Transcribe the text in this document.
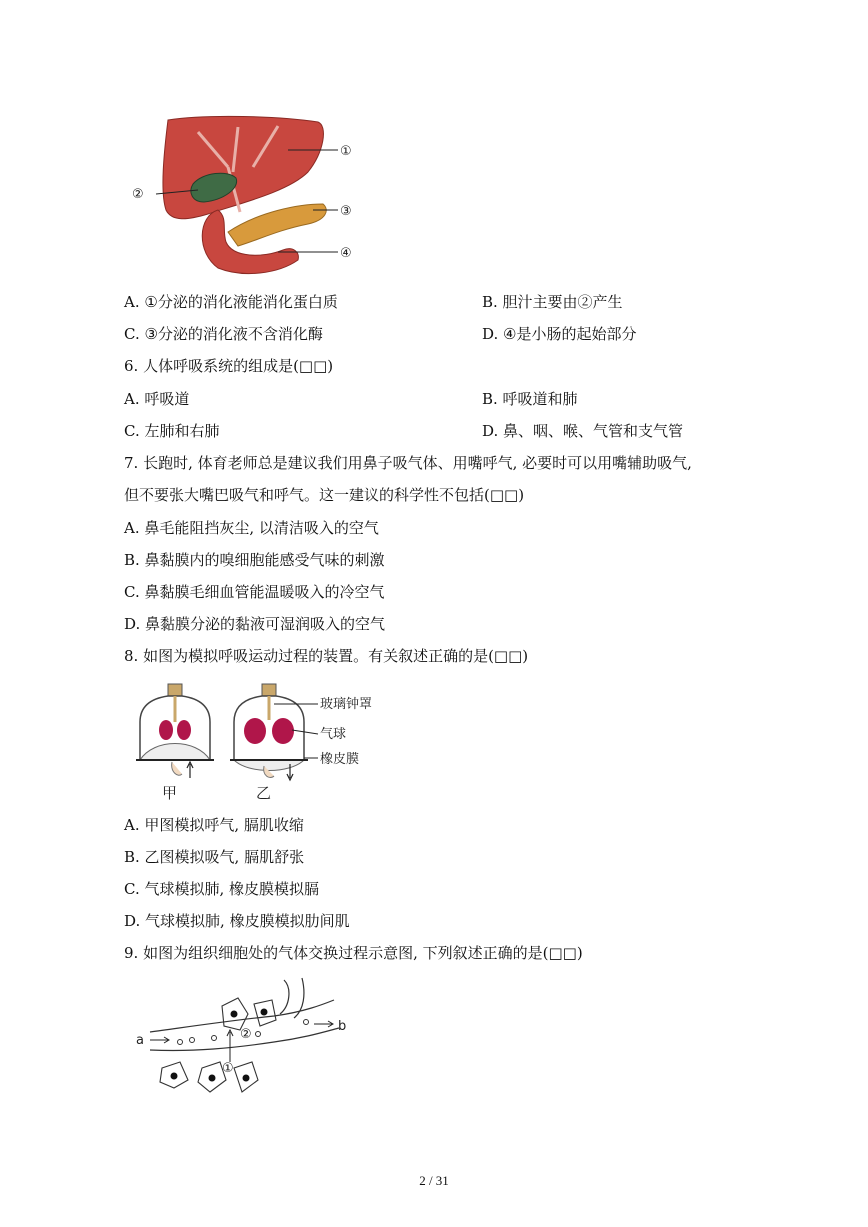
①
②
③
④
A. ①分泌的消化液能消化蛋白质	B. 胆汁主要由②产生
C. ③分泌的消化液不含消化酶	D. ④是小肠的起始部分
6. 人体呼吸系统的组成是(□□)
A. 呼吸道	B. 呼吸道和肺
C. 左肺和右肺	D. 鼻、咽、喉、气管和支气管
7. 长跑时, 体育老师总是建议我们用鼻子吸气体、用嘴呼气, 必要时可以用嘴辅助吸气,
但不要张大嘴巴吸气和呼气。这一建议的科学性不包括(□□)
A. 鼻毛能阻挡灰尘, 以清洁吸入的空气
B. 鼻黏膜内的嗅细胞能感受气味的刺激
C. 鼻黏膜毛细血管能温暖吸入的冷空气
D. 鼻黏膜分泌的黏液可湿润吸入的空气
8. 如图为模拟呼吸运动过程的装置。有关叙述正确的是(□□)
玻璃钟罩
气球
橡皮膜
甲	乙
A. 甲图模拟呼气, 膈肌收缩
B. 乙图模拟吸气, 膈肌舒张
C. 气球模拟肺, 橡皮膜模拟膈
D. 气球模拟肺, 橡皮膜模拟肋间肌
9. 如图为组织细胞处的气体交换过程示意图, 下列叙述正确的是(□□)
a
b
①
②
2 / 31
